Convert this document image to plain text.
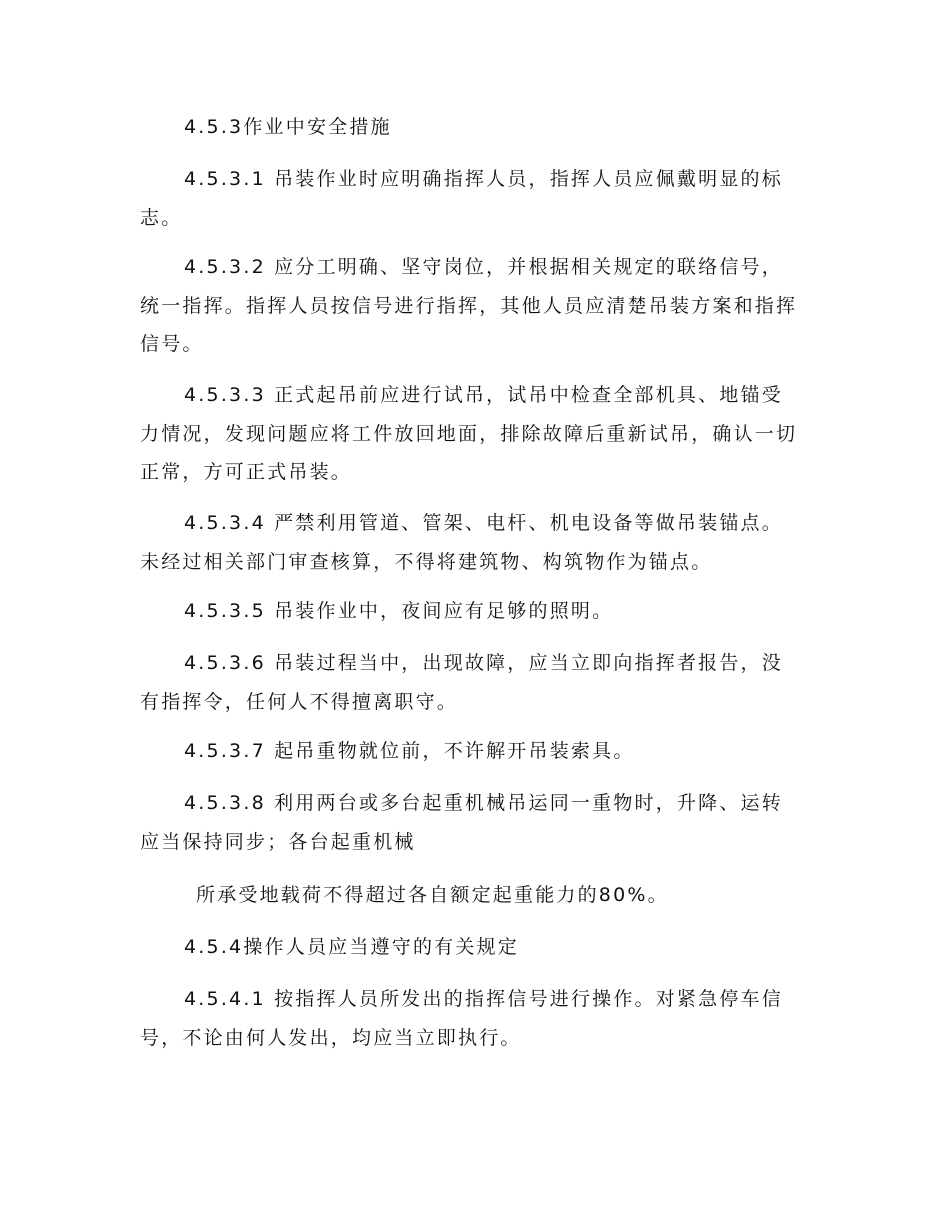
4.5.3作业中安全措施

4.5.3.1 吊装作业时应明确指挥人员，指挥人员应佩戴明显的标志。

4.5.3.2 应分工明确、坚守岗位，并根据相关规定的联络信号，统一指挥。指挥人员按信号进行指挥，其他人员应清楚吊装方案和指挥信号。

4.5.3.3 正式起吊前应进行试吊，试吊中检查全部机具、地锚受力情况，发现问题应将工件放回地面，排除故障后重新试吊，确认一切正常，方可正式吊装。

4.5.3.4 严禁利用管道、管架、电杆、机电设备等做吊装锚点。未经过相关部门审查核算，不得将建筑物、构筑物作为锚点。

4.5.3.5 吊装作业中，夜间应有足够的照明。

4.5.3.6 吊装过程当中，出现故障，应当立即向指挥者报告，没有指挥令，任何人不得擅离职守。

4.5.3.7 起吊重物就位前，不许解开吊装索具。

4.5.3.8 利用两台或多台起重机械吊运同一重物时，升降、运转应当保持同步；各台起重机械

所承受地载荷不得超过各自额定起重能力的80%。

4.5.4操作人员应当遵守的有关规定

4.5.4.1 按指挥人员所发出的指挥信号进行操作。对紧急停车信号，不论由何人发出，均应当立即执行。
